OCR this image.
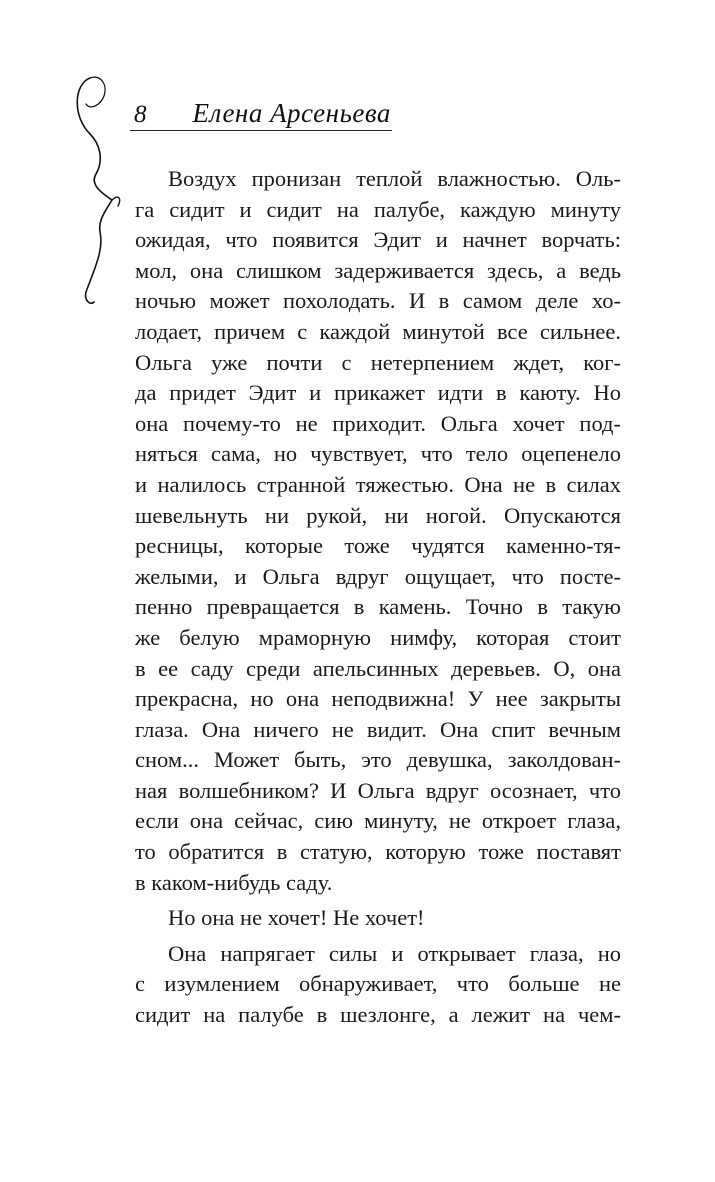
8 Елена Арсеньева
Воздух пронизан теплой влажностью. Оль-
га сидит и сидит на палубе, каждую минуту
ожидая, что появится Эдит и начнет ворчать:
мол, она слишком задерживается здесь, а ведь
ночью может похолодать. И в самом деле хо-
лодает, причем с каждой минутой все сильнее.
Ольга уже почти с нетерпением ждет, ког-
да придет Эдит и прикажет идти в каюту. Но
она почему-то не приходит. Ольга хочет под-
няться сама, но чувствует, что тело оцепенело
и налилось странной тяжестью. Она не в силах
шевельнуть ни рукой, ни ногой. Опускаются
ресницы, которые тоже чудятся каменно-тя-
желыми, и Ольга вдруг ощущает, что посте-
пенно превращается в камень. Точно в такую
же белую мраморную нимфу, которая стоит
в ее саду среди апельсинных деревьев. О, она
прекрасна, но она неподвижна! У нее закрыты
глаза. Она ничего не видит. Она спит вечным
сном... Может быть, это девушка, заколдован-
ная волшебником? И Ольга вдруг осознает, что
если она сейчас, сию минуту, не откроет глаза,
то обратится в статую, которую тоже поставят
в каком-нибудь саду.
Но она не хочет! Не хочет!
Она напрягает силы и открывает глаза, но
с изумлением обнаруживает, что больше не
сидит на палубе в шезлонге, а лежит на чем-
